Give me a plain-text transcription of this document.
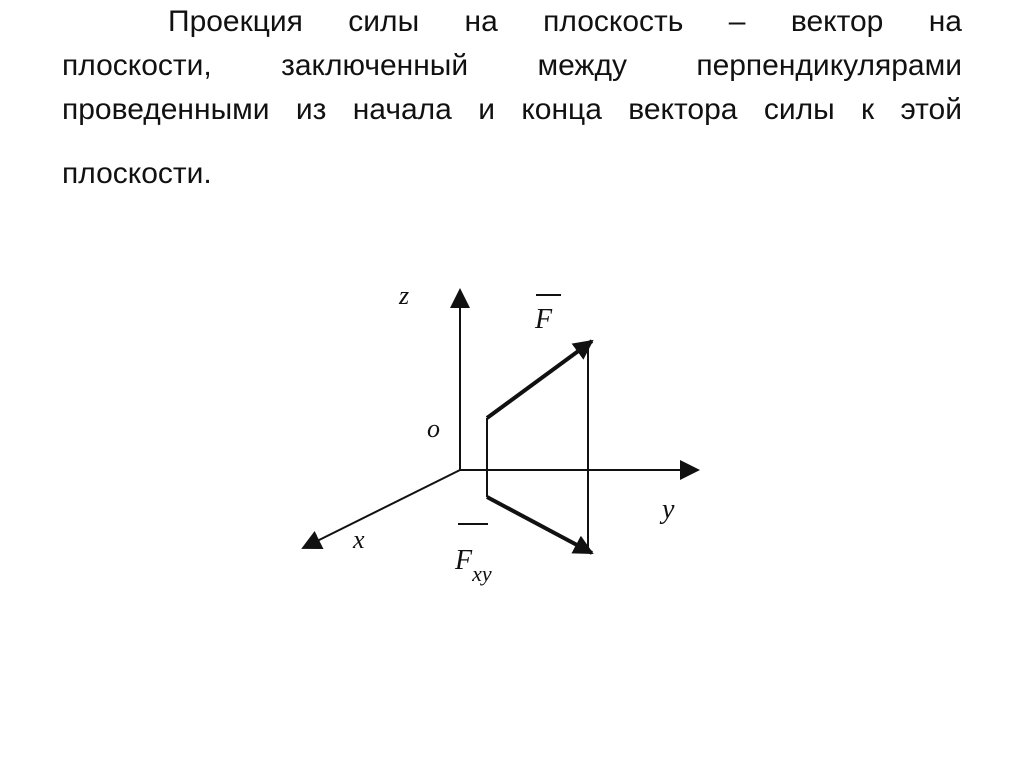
Проекция силы на плоскость – вектор на
плоскости, заключенный между перпендикулярами
проведенными из начала и конца вектора силы к этой
плоскости.
z
y
x
o
F
$F_{xy}$
